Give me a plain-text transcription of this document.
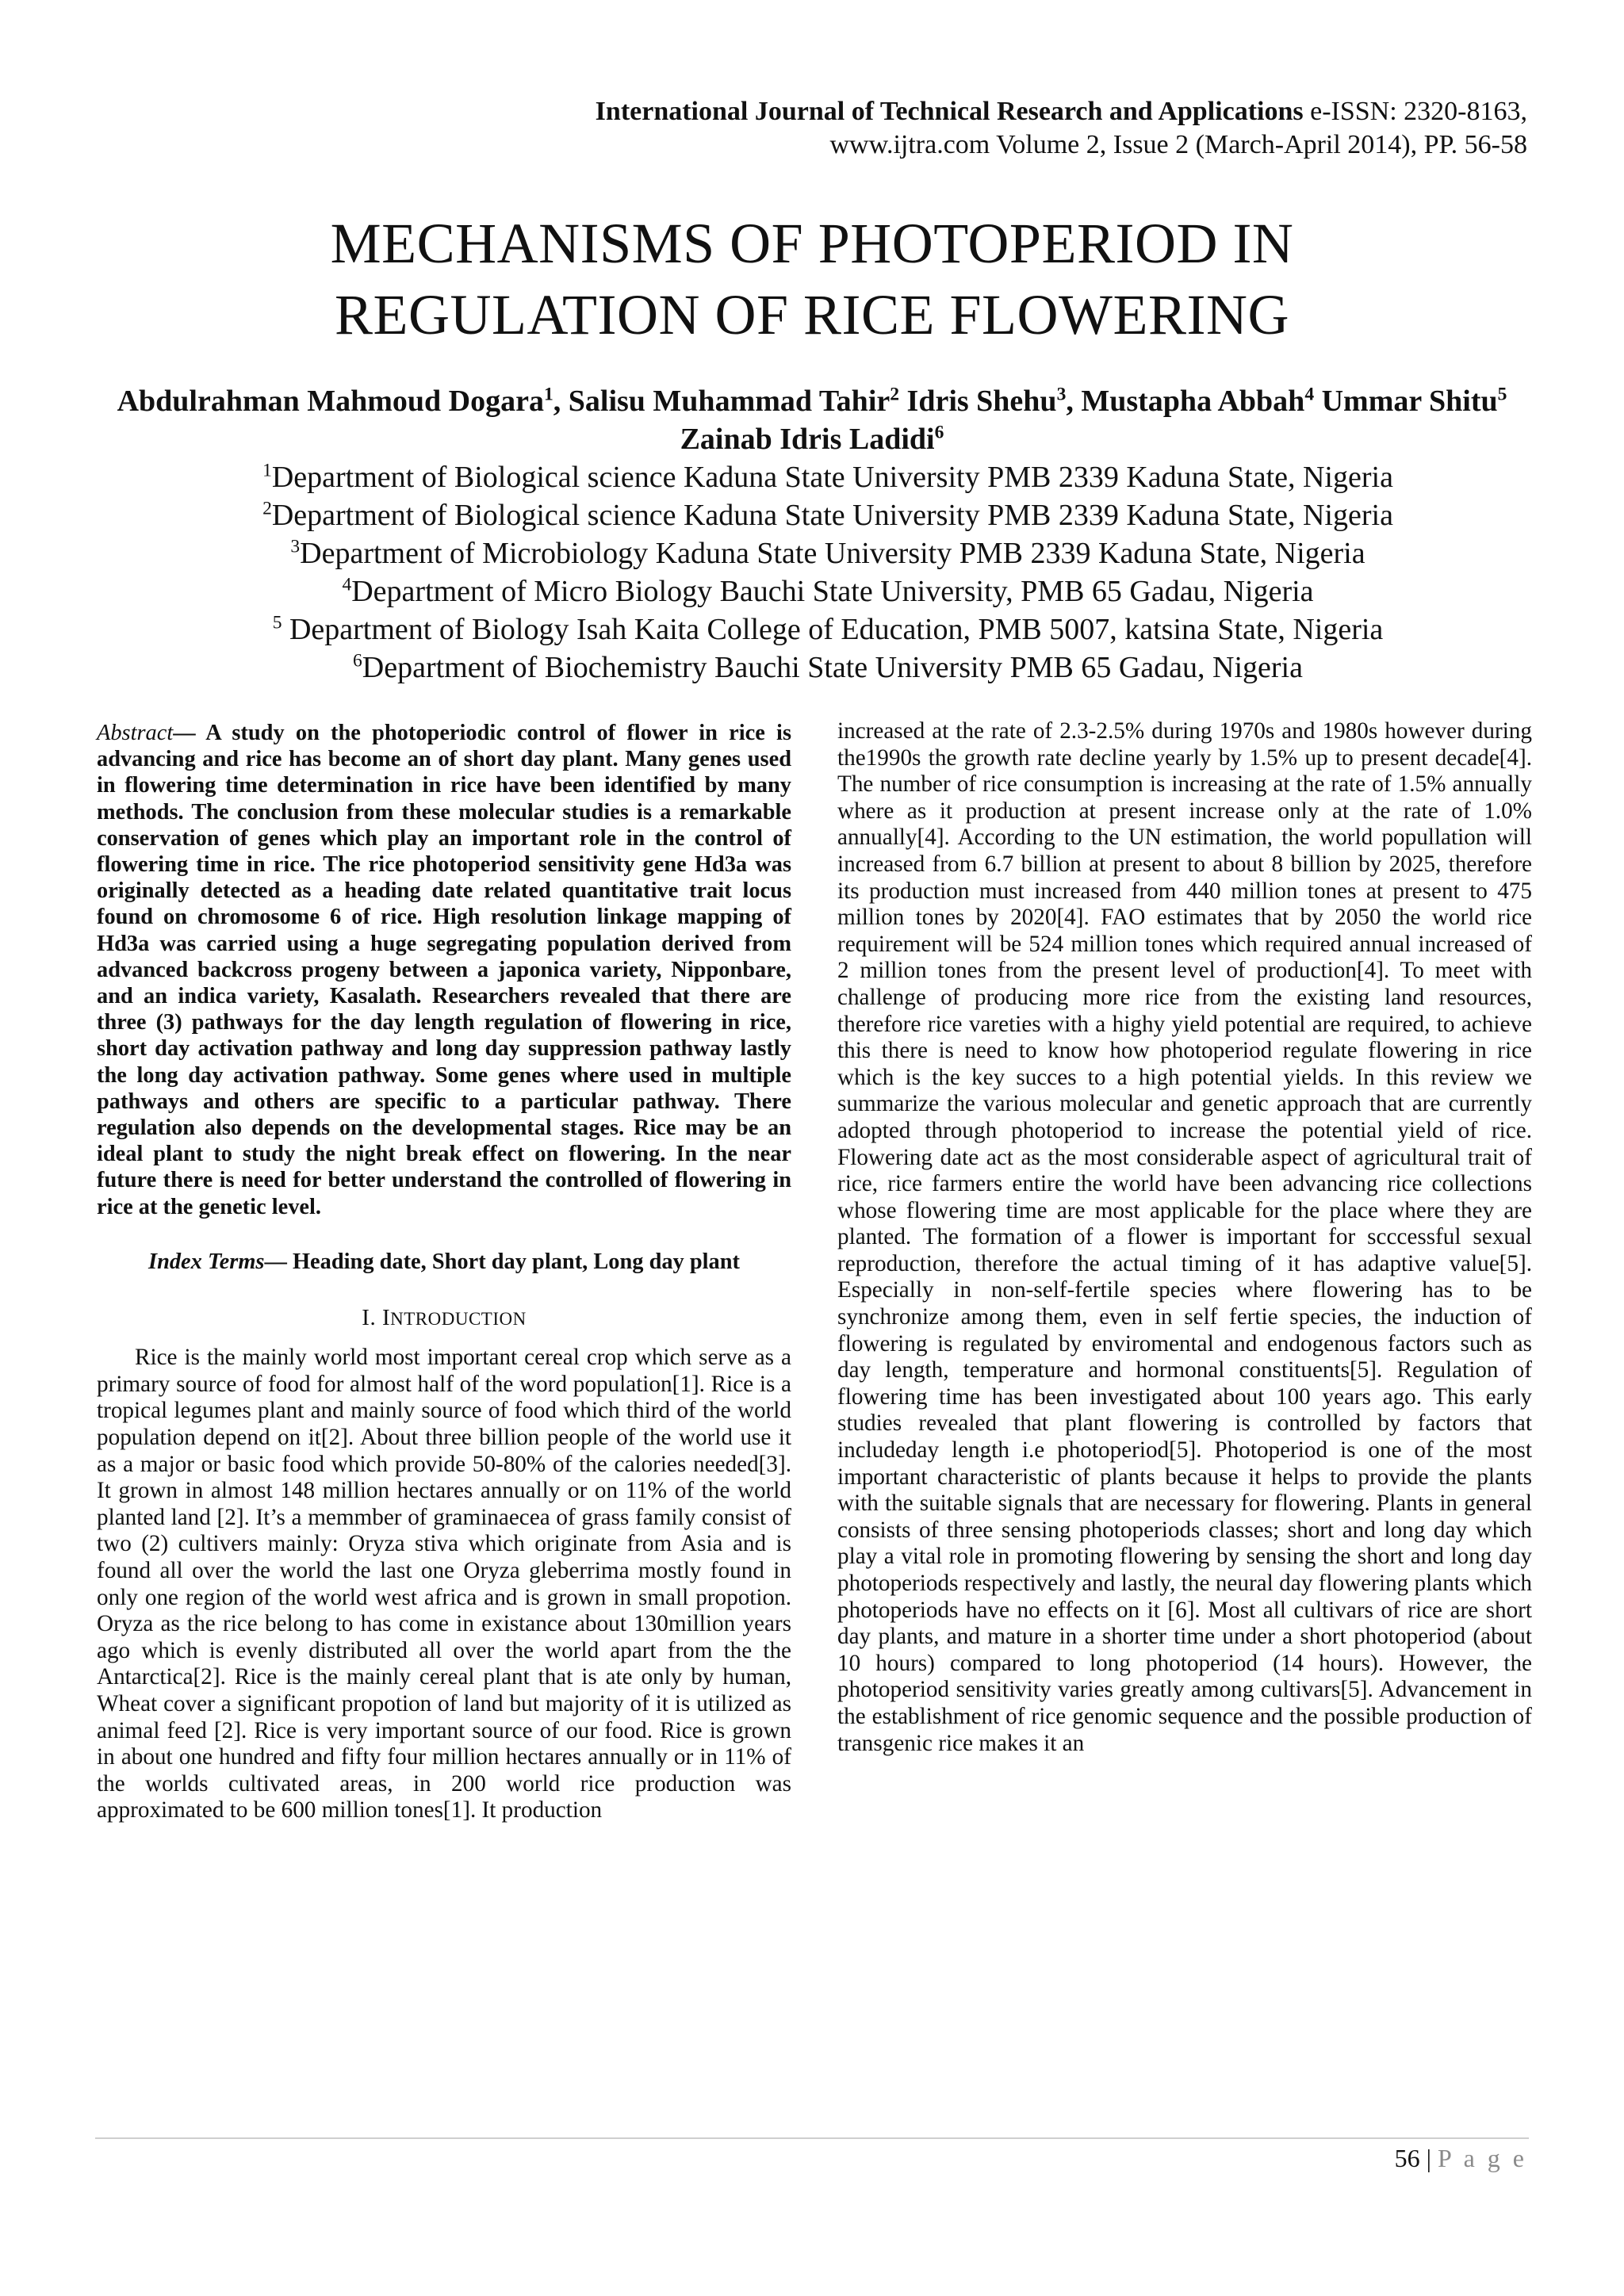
International Journal of Technical Research and Applications e-ISSN: 2320-8163,
www.ijtra.com Volume 2, Issue 2 (March-April 2014), PP. 56-58
MECHANISMS OF PHOTOPERIOD IN
REGULATION OF RICE FLOWERING
Abdulrahman Mahmoud Dogara$^1$, Salisu Muhammad Tahir$^2$ Idris Shehu$^3$, Mustapha Abbah$^4$ Ummar Shitu$^5$ Zainab Idris Ladidi$^6$
$^1$Department of Biological science Kaduna State University PMB 2339 Kaduna State, Nigeria
$^2$Department of Biological science Kaduna State University PMB 2339 Kaduna State, Nigeria
$^3$Department of Microbiology Kaduna State University PMB 2339 Kaduna State, Nigeria
$^4$Department of Micro Biology Bauchi State University, PMB 65 Gadau, Nigeria
$^5$ Department of Biology Isah Kaita College of Education, PMB 5007, katsina State, Nigeria
$^6$Department of Biochemistry Bauchi State University PMB 65 Gadau, Nigeria

Abstract— A study on the photoperiodic control of flower in rice is advancing and rice has become an of short day plant. Many genes used in flowering time determination in rice have been identified by many methods. The conclusion from these molecular studies is a remarkable conservation of genes which play an important role in the control of flowering time in rice. The rice photoperiod sensitivity gene Hd3a was originally detected as a heading date related quantitative trait locus found on chromosome 6 of rice. High resolution linkage mapping of Hd3a was carried using a huge segregating population derived from advanced backcross progeny between a japonica variety, Nipponbare, and an indica variety, Kasalath. Researchers revealed that there are three (3) pathways for the day length regulation of flowering in rice, short day activation pathway and long day suppression pathway lastly the long day activation pathway. Some genes where used in multiple pathways and others are specific to a particular pathway. There regulation also depends on the developmental stages. Rice may be an ideal plant to study the night break effect on flowering. In the near future there is need for better understand the controlled of flowering in rice at the genetic level.

Index Terms— Heading date, Short day plant, Long day plant

I. INTRODUCTION

Rice is the mainly world most important cereal crop which serve as a primary source of food for almost half of the word population[1]. Rice is a tropical legumes plant and mainly source of food which third of the world population depend on it[2]. About three billion people of the world use it as a major or basic food which provide 50-80% of the calories needed[3]. It grown in almost 148 million hectares annually or on 11% of the world planted land [2]. It’s a memmber of graminaecea of grass family consist of two (2) cultivers mainly: Oryza stiva which originate from Asia and is found all over the world the last one Oryza gleberrima mostly found in only one region of the world west africa and is grown in small propotion. Oryza as the rice belong to has come in existance about 130million years ago which is evenly distributed all over the world apart from the the Antarctica[2]. Rice is the mainly cereal plant that is ate only by human, Wheat cover a significant propotion of land but majority of it is utilized as animal feed [2]. Rice is very important source of our food. Rice is grown in about one hundred and fifty four million hectares annually or in 11% of the worlds cultivated areas, in 200 world rice production was approximated to be 600 million tones[1]. It production

increased at the rate of 2.3-2.5% during 1970s and 1980s however during the1990s the growth rate decline yearly by 1.5% up to present decade[4]. The number of rice consumption is increasing at the rate of 1.5% annually where as it production at present increase only at the rate of 1.0% annually[4]. According to the UN estimation, the world popullation will increased from 6.7 billion at present to about 8 billion by 2025, therefore its production must increased from 440 million tones at present to 475 million tones by 2020[4]. FAO estimates that by 2050 the world rice requirement will be 524 million tones which required annual increased of 2 million tones from the present level of production[4]. To meet with challenge of producing more rice from the existing land resources, therefore rice vareties with a highy yield potential are required, to achieve this there is need to know how photoperiod regulate flowering in rice which is the key succes to a high potential yields. In this review we summarize the various molecular and genetic approach that are currently adopted through photoperiod to increase the potential yield of rice. Flowering date act as the most considerable aspect of agricultural trait of rice, rice farmers entire the world have been advancing rice collections whose flowering time are most applicable for the place where they are planted. The formation of a flower is important for scccessful sexual reproduction, therefore the actual timing of it has adaptive value[5]. Especially in non-self-fertile species where flowering has to be synchronize among them, even in self fertie species, the induction of flowering is regulated by enviromental and endogenous factors such as day length, temperature and hormonal constituents[5]. Regulation of flowering time has been investigated about 100 years ago. This early studies revealed that plant flowering is controlled by factors that includeday length i.e photoperiod[5]. Photoperiod is one of the most important characteristic of plants because it helps to provide the plants with the suitable signals that are necessary for flowering. Plants in general consists of three sensing photoperiods classes; short and long day which play a vital role in promoting flowering by sensing the short and long day photoperiods respectively and lastly, the neural day flowering plants which photoperiods have no effects on it [6]. Most all cultivars of rice are short day plants, and mature in a shorter time under a short photoperiod (about 10 hours) compared to long photoperiod (14 hours). However, the photoperiod sensitivity varies greatly among cultivars[5]. Advancement in the establishment of rice genomic sequence and the possible production of transgenic rice makes it an

56 | P a g e
